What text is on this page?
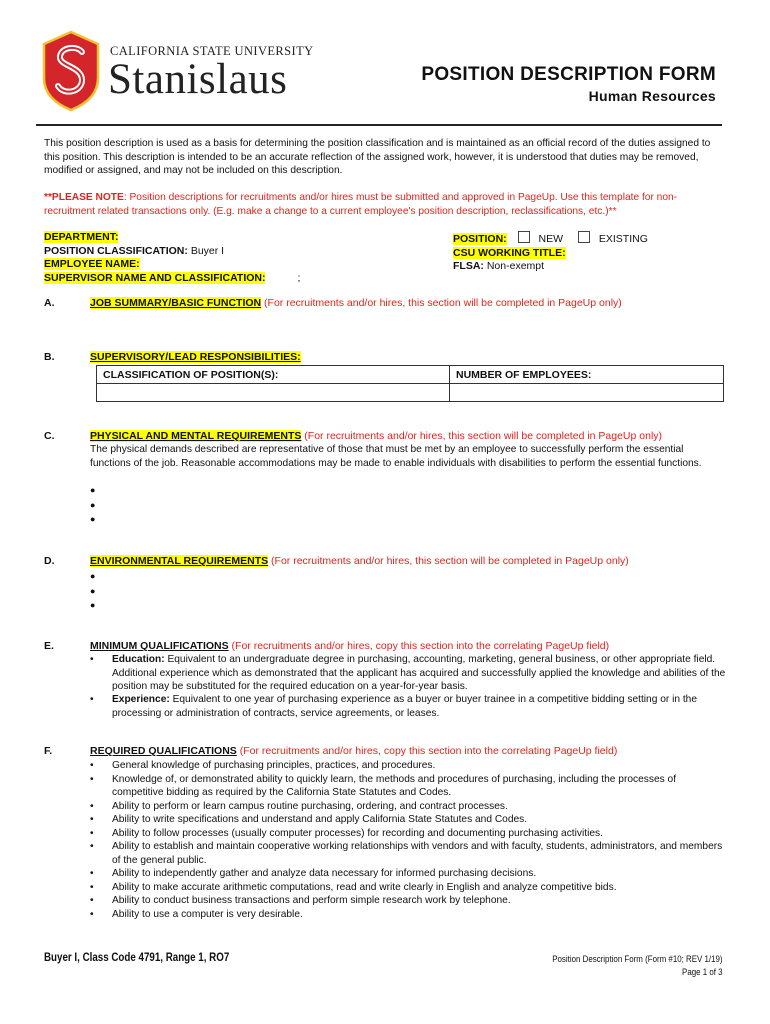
CALIFORNIA STATE UNIVERSITY
Stanislaus	POSITION DESCRIPTION FORM
Human Resources
This position description is used as a basis for determining the position classification and is maintained as an official record of the duties assigned to this position. This description is intended to be an accurate reflection of the assigned work, however, it is understood that duties may be removed, modified or assigned, and may not be included on this description.
**PLEASE NOTE: Position descriptions for recruitments and/or hires must be submitted and approved in PageUp. Use this template for non-recruitment related transactions only. (E.g. make a change to a current employee's position description, reclassifications, etc.)**
DEPARTMENT:
POSITION CLASSIFICATION: Buyer I
EMPLOYEE NAME:
SUPERVISOR NAME AND CLASSIFICATION:	;
POSITION:	NEW	EXISTING
CSU WORKING TITLE:
FLSA: Non-exempt
A.	JOB SUMMARY/BASIC FUNCTION (For recruitments and/or hires, this section will be completed in PageUp only)
B.	SUPERVISORY/LEAD RESPONSIBILITIES:
CLASSIFICATION OF POSITION(S):	NUMBER OF EMPLOYEES:

C.	PHYSICAL AND MENTAL REQUIREMENTS (For recruitments and/or hires, this section will be completed in PageUp only)
The physical demands described are representative of those that must be met by an employee to successfully perform the essential functions of the job. Reasonable accommodations may be made to enable individuals with disabilities to perform the essential functions.
●
●
●
D.	ENVIRONMENTAL REQUIREMENTS (For recruitments and/or hires, this section will be completed in PageUp only)
●
●
●
E.	MINIMUM QUALIFICATIONS (For recruitments and/or hires, copy this section into the correlating PageUp field)
• Education: Equivalent to an undergraduate degree in purchasing, accounting, marketing, general business, or other appropriate field. Additional experience which as demonstrated that the applicant has acquired and successfully applied the knowledge and abilities of the position may be substituted for the required education on a year-for-year basis.
• Experience: Equivalent to one year of purchasing experience as a buyer or buyer trainee in a competitive bidding setting or in the processing or administration of contracts, service agreements, or leases.
F.	REQUIRED QUALIFICATIONS (For recruitments and/or hires, copy this section into the correlating PageUp field)
• General knowledge of purchasing principles, practices, and procedures.
• Knowledge of, or demonstrated ability to quickly learn, the methods and procedures of purchasing, including the processes of competitive bidding as required by the California State Statutes and Codes.
• Ability to perform or learn campus routine purchasing, ordering, and contract processes.
• Ability to write specifications and understand and apply California State Statutes and Codes.
• Ability to follow processes (usually computer processes) for recording and documenting purchasing activities.
• Ability to establish and maintain cooperative working relationships with vendors and with faculty, students, administrators, and members of the general public.
• Ability to independently gather and analyze data necessary for informed purchasing decisions.
• Ability to make accurate arithmetic computations, read and write clearly in English and analyze competitive bids.
• Ability to conduct business transactions and perform simple research work by telephone.
• Ability to use a computer is very desirable.
Buyer I, Class Code 4791, Range 1, RO7	Position Description Form (Form #10; REV 1/19)
Page 1 of 3
